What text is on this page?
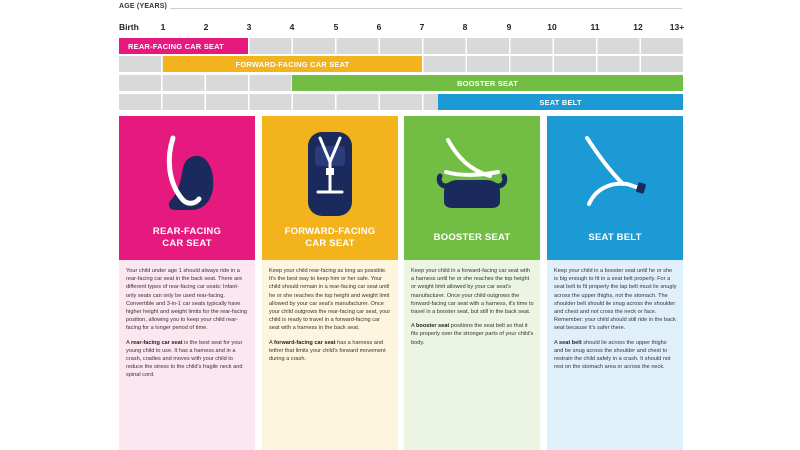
AGE (YEARS)
Birth	1	2	3	4	5	6	7	8	9	10	11	12	13+
REAR-FACING CAR SEAT
FORWARD-FACING CAR SEAT
BOOSTER SEAT
SEAT BELT
REAR-FACING
CAR SEAT

Your child under age 1 should always ride in a rear-facing car seat in the back seat. There are different types of rear-facing car seats: Infant-only seats can only be used rear-facing. Convertible and 3-in-1 car seats typically have higher height and weight limits for the rear-facing position, allowing you to keep your child rear-facing for a longer period of time.

A rear-facing car seat is the best seat for your young child to use. It has a harness and in a crash, cradles and moves with your child to reduce the stress to the child's fragile neck and spinal cord.

FORWARD-FACING
CAR SEAT

Keep your child rear-facing as long as possible. It's the best way to keep him or her safe. Your child should remain in a rear-facing car seat until he or she reaches the top height and weight limit allowed by your car seat's manufacturer. Once your child outgrows the rear-facing car seat, your child is ready to travel in a forward-facing car seat with a harness in the back seat.

A forward-facing car seat has a harness and tether that limits your child's forward movement during a crash.

BOOSTER SEAT

Keep your child in a forward-facing car seat with a harness until he or she reaches the top height or weight limit allowed by your car seat's manufacturer. Once your child outgrows the forward-facing car seat with a harness, it's time to travel in a booster seat, but still in the back seat.

A booster seat positions the seat belt so that it fits properly over the stronger parts of your child's body.

SEAT BELT

Keep your child in a booster seat until he or she is big enough to fit in a seat belt properly. For a seat belt to fit properly the lap belt must lie snugly across the upper thighs, not the stomach. The shoulder belt should lie snug across the shoulder and chest and not cross the neck or face. Remember: your child should still ride in the back seat because it's safer there.

A seat belt should lie across the upper thighs and be snug across the shoulder and chest to restrain the child safely in a crash. It should not rest on the stomach area or across the neck.
